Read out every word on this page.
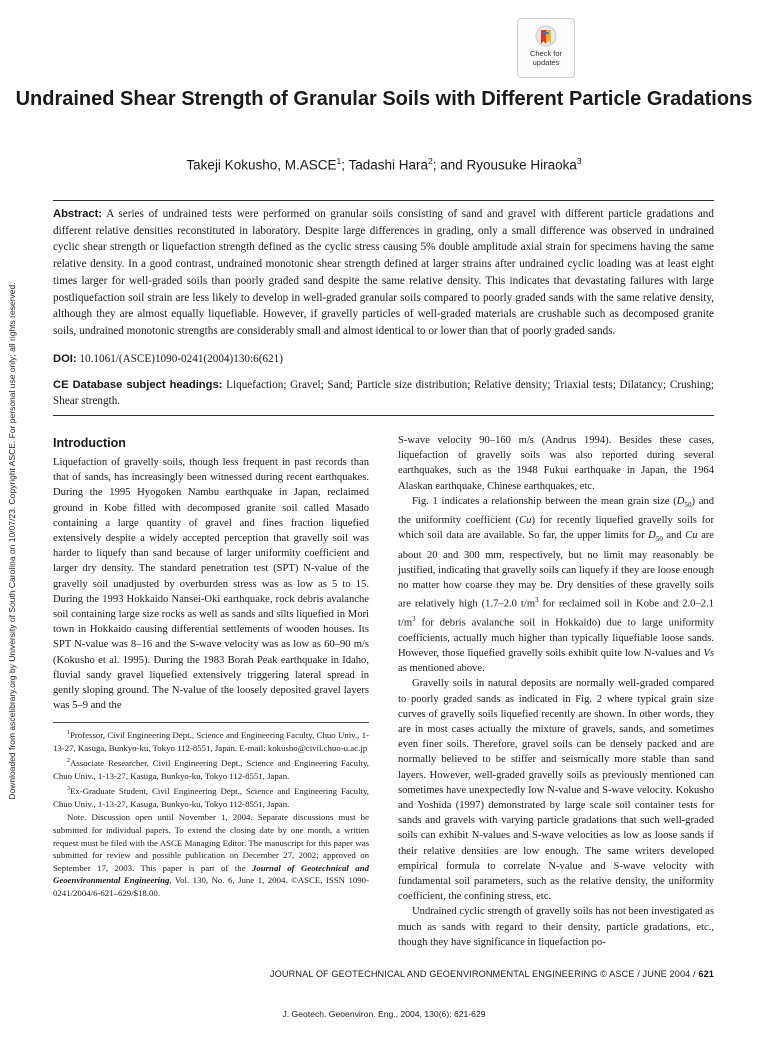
Downloaded from ascelibrary.org by University of South Carolina on 10/07/23. Copyright ASCE. For personal use only; all rights reserved.
Check for
updates
Undrained Shear Strength of Granular Soils with Different Particle Gradations
Takeji Kokusho, M.ASCE$^1$; Tadashi Hara$^2$; and Ryousuke Hiraoka$^3$
Abstract: A series of undrained tests were performed on granular soils consisting of sand and gravel with different particle gradations and different relative densities reconstituted in laboratory. Despite large differences in grading, only a small difference was observed in undrained cyclic shear strength or liquefaction strength defined as the cyclic stress causing 5% double amplitude axial strain for specimens having the same relative density. In a good contrast, undrained monotonic shear strength defined at larger strains after undrained cyclic loading was at least eight times larger for well-graded soils than poorly graded sand despite the same relative density. This indicates that devastating failures with large postliquefaction soil strain are less likely to develop in well-graded granular soils compared to poorly graded sands with the same relative density, although they are almost equally liquefiable. However, if gravelly particles of well-graded materials are crushable such as decomposed granite soils, undrained monotonic strengths are considerably small and almost identical to or lower than that of poorly graded sands.
DOI: 10.1061/(ASCE)1090-0241(2004)130:6(621)
CE Database subject headings: Liquefaction; Gravel; Sand; Particle size distribution; Relative density; Triaxial tests; Dilatancy; Crushing; Shear strength.
Introduction

Liquefaction of gravelly soils, though less frequent in past records than that of sands, has increasingly been witnessed during recent earthquakes. During the 1995 Hyogoken Nambu earthquake in Japan, reclaimed ground in Kobe filled with decomposed granite soil called Masado containing a large quantity of gravel and fines fraction liquefied extensively despite a widely accepted perception that gravelly soil was harder to liquefy than sand because of larger uniformity coefficient and larger dry density. The standard penetration test (SPT) N-value of the gravelly soil unadjusted by overburden stress was as low as 5 to 15. During the 1993 Hokkaido Nansei-Oki earthquake, rock debris avalanche soil containing large size rocks as well as sands and silts liquefied in Mori town in Hokkaido causing differential settlements of wooden houses. Its SPT N-value was 8–16 and the S-wave velocity was as low as 60–90 m/s (Kokusho et al. 1995). During the 1983 Borah Peak earthquake in Idaho, fluvial sandy gravel liquefied extensively triggering lateral spread in gently sloping ground. The N-value of the loosely deposited gravel layers was 5–9 and the

$^1$Professor, Civil Engineering Dept., Science and Engineering Faculty, Chuo Univ., 1-13-27, Kasuga, Bunkyo-ku, Tokyo 112-8551, Japan. E-mail: kokusho@civil.chuo-u.ac.jp

$^2$Associate Researcher, Civil Engineering Dept., Science and Engineering Faculty, Chuo Univ., 1-13-27, Kasuga, Bunkyo-ku, Tokyo 112-8551, Japan.

$^3$Ex-Graduate Student, Civil Engineering Dept., Science and Engineering Faculty, Chuo Univ., 1-13-27, Kasuga, Bunkyo-ku, Tokyo 112-8551, Japan.

Note. Discussion open until November 1, 2004. Separate discussions must be submitted for individual papers. To extend the closing date by one month, a written request must be filed with the ASCE Managing Editor. The manuscript for this paper was submitted for review and possible publication on December 27, 2002; approved on September 17, 2003. This paper is part of the Journal of Geotechnical and Geoenvironmental Engineering, Vol. 130, No. 6, June 1, 2004. ©ASCE, ISSN 1090-0241/2004/6-621–629/$18.00.

S-wave velocity 90–160 m/s (Andrus 1994). Besides these cases, liquefaction of gravelly soils was also reported during several earthquakes, such as the 1948 Fukui earthquake in Japan, the 1964 Alaskan earthquake, Chinese earthquakes, etc.

Fig. 1 indicates a relationship between the mean grain size $(D_{50})$ and the uniformity coefficient (Cu) for recently liquefied gravelly soils for which soil data are available. So far, the upper limits for $D_{50}$ and Cu are about 20 and 300 mm, respectively, but no limit may reasonably be justified, indicating that gravelly soils can liquefy if they are loose enough no matter how coarse they may be. Dry densities of these gravelly soils are relatively high (1.7–2.0 $t/m^3$ for reclaimed soil in Kobe and 2.0–2.1 $t/m^3$ for debris avalanche soil in Hokkaido) due to large uniformity coefficients, actually much higher than typically liquefiable loose sands. However, those liquefied gravelly soils exhibit quite low N-values and Vs as mentioned above.

Gravelly soils in natural deposits are normally well-graded compared to poorly graded sands as indicated in Fig. 2 where typical grain size curves of gravelly soils liquefied recently are shown. In other words, they are in most cases actually the mixture of gravels, sands, and sometimes even finer soils. Therefore, gravel soils can be densely packed and are normally believed to be stiffer and seismically more stable than sand layers. However, well-graded gravelly soils as previously mentioned can sometimes have unexpectedly low N-value and S-wave velocity. Kokusho and Yoshida (1997) demonstrated by large scale soil container tests for sands and gravels with varying particle gradations that such well-graded soils can exhibit N-values and S-wave velocities as low as loose sands if their relative densities are low enough. The same writers developed empirical formula to correlate N-value and S-wave velocity with fundamental soil parameters, such as the relative density, the uniformity coefficient, the confining stress, etc.

Undrained cyclic strength of gravelly soils has not been investigated as much as sands with regard to their density, particle gradations, etc., though they have significance in liquefaction po-

JOURNAL OF GEOTECHNICAL AND GEOENVIRONMENTAL ENGINEERING © ASCE / JUNE 2004 / 621
J. Geotech. Geoenviron. Eng., 2004, 130(6): 621-629
